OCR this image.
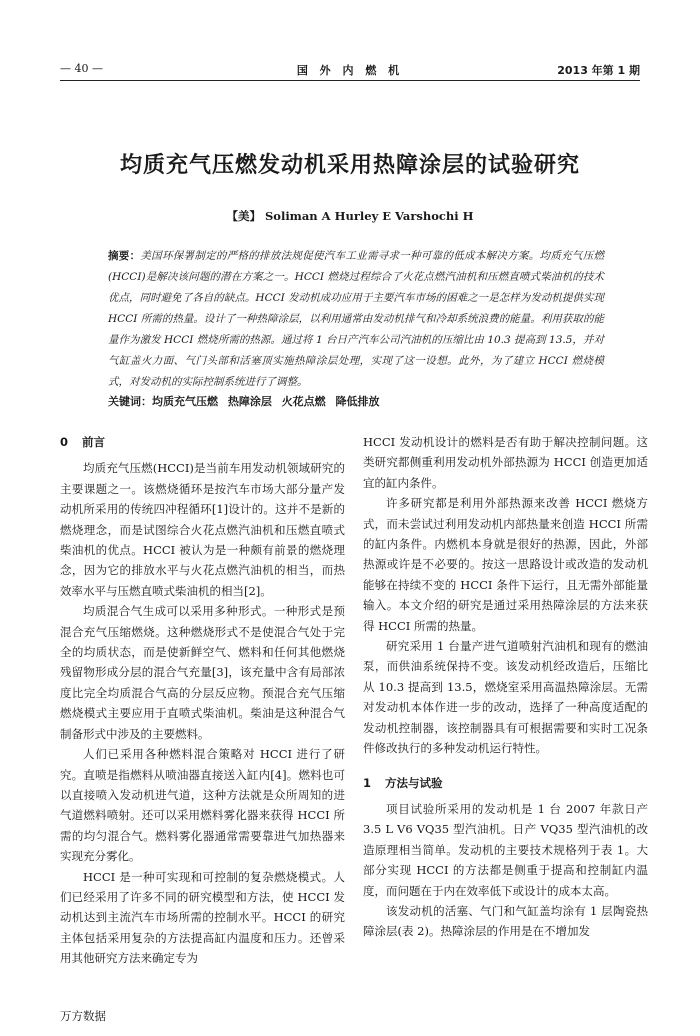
— 40 —	国 外 内 燃 机	2013 年第 1 期
均质充气压燃发动机采用热障涂层的试验研究
【美】 Soliman A Hurley E Varshochi H
摘要：美国环保署制定的严格的排放法规促使汽车工业需寻求一种可靠的低成本解决方案。均质充气压燃(HCCI)是解决该问题的潜在方案之一。HCCI 燃烧过程综合了火花点燃汽油机和压燃直喷式柴油机的技术优点，同时避免了各自的缺点。HCCI 发动机成功应用于主要汽车市场的困难之一是怎样为发动机提供实现 HCCI 所需的热量。设计了一种热障涂层，以利用通常由发动机排气和冷却系统浪费的能量。利用获取的能量作为激发 HCCI 燃烧所需的热源。通过将 1 台日产汽车公司汽油机的压缩比由 10.3 提高到 13.5，并对气缸盖火力面、气门头部和活塞顶实施热障涂层处理，实现了这一设想。此外，为了建立 HCCI 燃烧模式，对发动机的实际控制系统进行了调整。
关键词：均质充气压燃 热障涂层 火花点燃 降低排放
0 前言

均质充气压燃(HCCI)是当前车用发动机领域研究的主要课题之一。该燃烧循环是按汽车市场大部分量产发动机所采用的传统四冲程循环[1]设计的。这并不是新的燃烧理念，而是试图综合火花点燃汽油机和压燃直喷式柴油机的优点。HCCI 被认为是一种颇有前景的燃烧理念，因为它的排放水平与火花点燃汽油机的相当，而热效率水平与压燃直喷式柴油机的相当[2]。

均质混合气生成可以采用多种形式。一种形式是预混合充气压缩燃烧。这种燃烧形式不是使混合气处于完全的均质状态，而是使新鲜空气、燃料和任何其他燃烧残留物形成分层的混合气充量[3]，该充量中含有局部浓度比完全均质混合气高的分层反应物。预混合充气压缩燃烧模式主要应用于直喷式柴油机。柴油是这种混合气制备形式中涉及的主要燃料。

人们已采用各种燃料混合策略对 HCCI 进行了研究。直喷是指燃料从喷油器直接送入缸内[4]。燃料也可以直接喷入发动机进气道，这种方法就是众所周知的进气道燃料喷射。还可以采用燃料雾化器来获得 HCCI 所需的均匀混合气。燃料雾化器通常需要靠进气加热器来实现充分雾化。

HCCI 是一种可实现和可控制的复杂燃烧模式。人们已经采用了许多不同的研究模型和方法，使 HCCI 发动机达到主流汽车市场所需的控制水平。HCCI 的研究主体包括采用复杂的方法提高缸内温度和压力。还曾采用其他研究方法来确定专为

HCCI 发动机设计的燃料是否有助于解决控制问题。这类研究都侧重利用发动机外部热源为 HCCI 创造更加适宜的缸内条件。

许多研究都是利用外部热源来改善 HCCI 燃烧方式，而未尝试过利用发动机内部热量来创造 HCCI 所需的缸内条件。内燃机本身就是很好的热源，因此，外部热源或许是不必要的。按这一思路设计或改造的发动机能够在持续不变的 HCCI 条件下运行，且无需外部能量输入。本文介绍的研究是通过采用热障涂层的方法来获得 HCCI 所需的热量。

研究采用 1 台量产进气道喷射汽油机和现有的燃油泵，而供油系统保持不变。该发动机经改造后，压缩比从 10.3 提高到 13.5，燃烧室采用高温热障涂层。无需对发动机本体作进一步的改动，选择了一种高度适配的发动机控制器，该控制器具有可根据需要和实时工况条件修改执行的多种发动机运行特性。

1 方法与试验

项目试验所采用的发动机是 1 台 2007 年款日产 3.5 L V6 VQ35 型汽油机。日产 VQ35 型汽油机的改造原理相当简单。发动机的主要技术规格列于表 1。大部分实现 HCCI 的方法都是侧重于提高和控制缸内温度，而问题在于内在效率低下或设计的成本太高。

该发动机的活塞、气门和气缸盖均涂有 1 层陶瓷热障涂层(表 2)。热障涂层的作用是在不增加发

万方数据
